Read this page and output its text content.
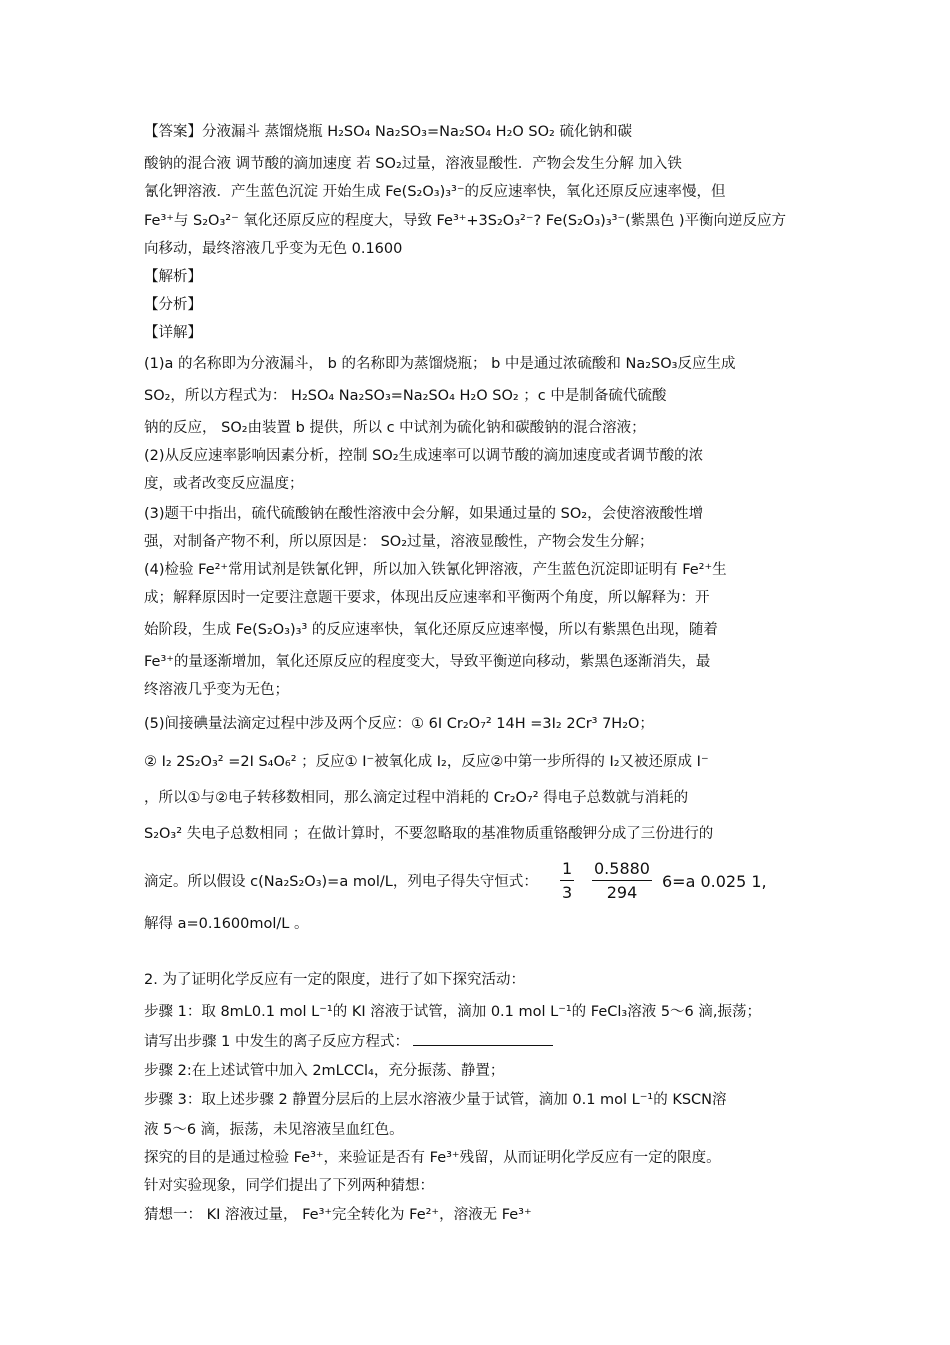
【答案】分液漏斗 蒸馏烧瓶 H₂SO₄ Na₂SO₃=Na₂SO₄ H₂O SO₂ 硫化钠和碳
酸钠的混合液 调节酸的滴加速度 若 SO₂过量，溶液显酸性．产物会发生分解 加入铁
氰化钾溶液．产生蓝色沉淀 开始生成 Fe(S₂O₃)₃³⁻的反应速率快，氧化还原反应速率慢，但
Fe³⁺与 S₂O₃²⁻ 氧化还原反应的程度大，导致 Fe³⁺+3S₂O₃²⁻? Fe(S₂O₃)₃³⁻(紫黑色 )平衡向逆反应方
向移动，最终溶液几乎变为无色 0.1600
【解析】
【分析】
【详解】
(1)a 的名称即为分液漏斗， b 的名称即为蒸馏烧瓶； b 中是通过浓硫酸和 Na₂SO₃反应生成
SO₂，所以方程式为： H₂SO₄ Na₂SO₃=Na₂SO₄ H₂O SO₂ ；c 中是制备硫代硫酸
钠的反应， SO₂由装置 b 提供，所以 c 中试剂为硫化钠和碳酸钠的混合溶液；
(2)从反应速率影响因素分析，控制 SO₂生成速率可以调节酸的滴加速度或者调节酸的浓
度，或者改变反应温度；
(3)题干中指出，硫代硫酸钠在酸性溶液中会分解，如果通过量的 SO₂，会使溶液酸性增
强，对制备产物不利，所以原因是： SO₂过量，溶液显酸性，产物会发生分解；
(4)检验 Fe²⁺常用试剂是铁氰化钾，所以加入铁氰化钾溶液，产生蓝色沉淀即证明有 Fe²⁺生
成；解释原因时一定要注意题干要求，体现出反应速率和平衡两个角度，所以解释为：开
始阶段，生成 Fe(S₂O₃)₃³ 的反应速率快，氧化还原反应速率慢，所以有紫黑色出现，随着
Fe³⁺的量逐渐增加，氧化还原反应的程度变大，导致平衡逆向移动，紫黑色逐渐消失，最
终溶液几乎变为无色；
(5)间接碘量法滴定过程中涉及两个反应：① 6I Cr₂O₇² 14H =3I₂ 2Cr³ 7H₂O；
② I₂ 2S₂O₃² =2I S₄O₆² ；反应① I⁻被氧化成 I₂，反应②中第一步所得的 I₂又被还原成 I⁻
，所以①与②电子转移数相同，那么滴定过程中消耗的 Cr₂O₇² 得电子总数就与消耗的
S₂O₃² 失电子总数相同 ；在做计算时，不要忽略取的基准物质重铬酸钾分成了三份进行的
滴定。所以假设 c(Na₂S₂O₃)=a mol/L，列电子得失守恒式： $\frac{1}{3} \frac{0.5880}{294} 6=a$ 0.025 1,
解得 a=0.1600mol/L 。
2. 为了证明化学反应有一定的限度，进行了如下探究活动：
步骤 1：取 8mL0.1 mol L⁻¹的 KI 溶液于试管，滴加 0.1 mol L⁻¹的 FeCl₃溶液 5～6 滴,振荡；
请写出步骤 1 中发生的离子反应方程式：
步骤 2:在上述试管中加入 2mLCCl₄，充分振荡、静置；
步骤 3：取上述步骤 2 静置分层后的上层水溶液少量于试管，滴加 0.1 mol L⁻¹的 KSCN溶
液 5～6 滴，振荡，未见溶液呈血红色。
探究的目的是通过检验 Fe³⁺，来验证是否有 Fe³⁺残留，从而证明化学反应有一定的限度。
针对实验现象，同学们提出了下列两种猜想：
猜想一： KI 溶液过量， Fe³⁺完全转化为 Fe²⁺，溶液无 Fe³⁺
